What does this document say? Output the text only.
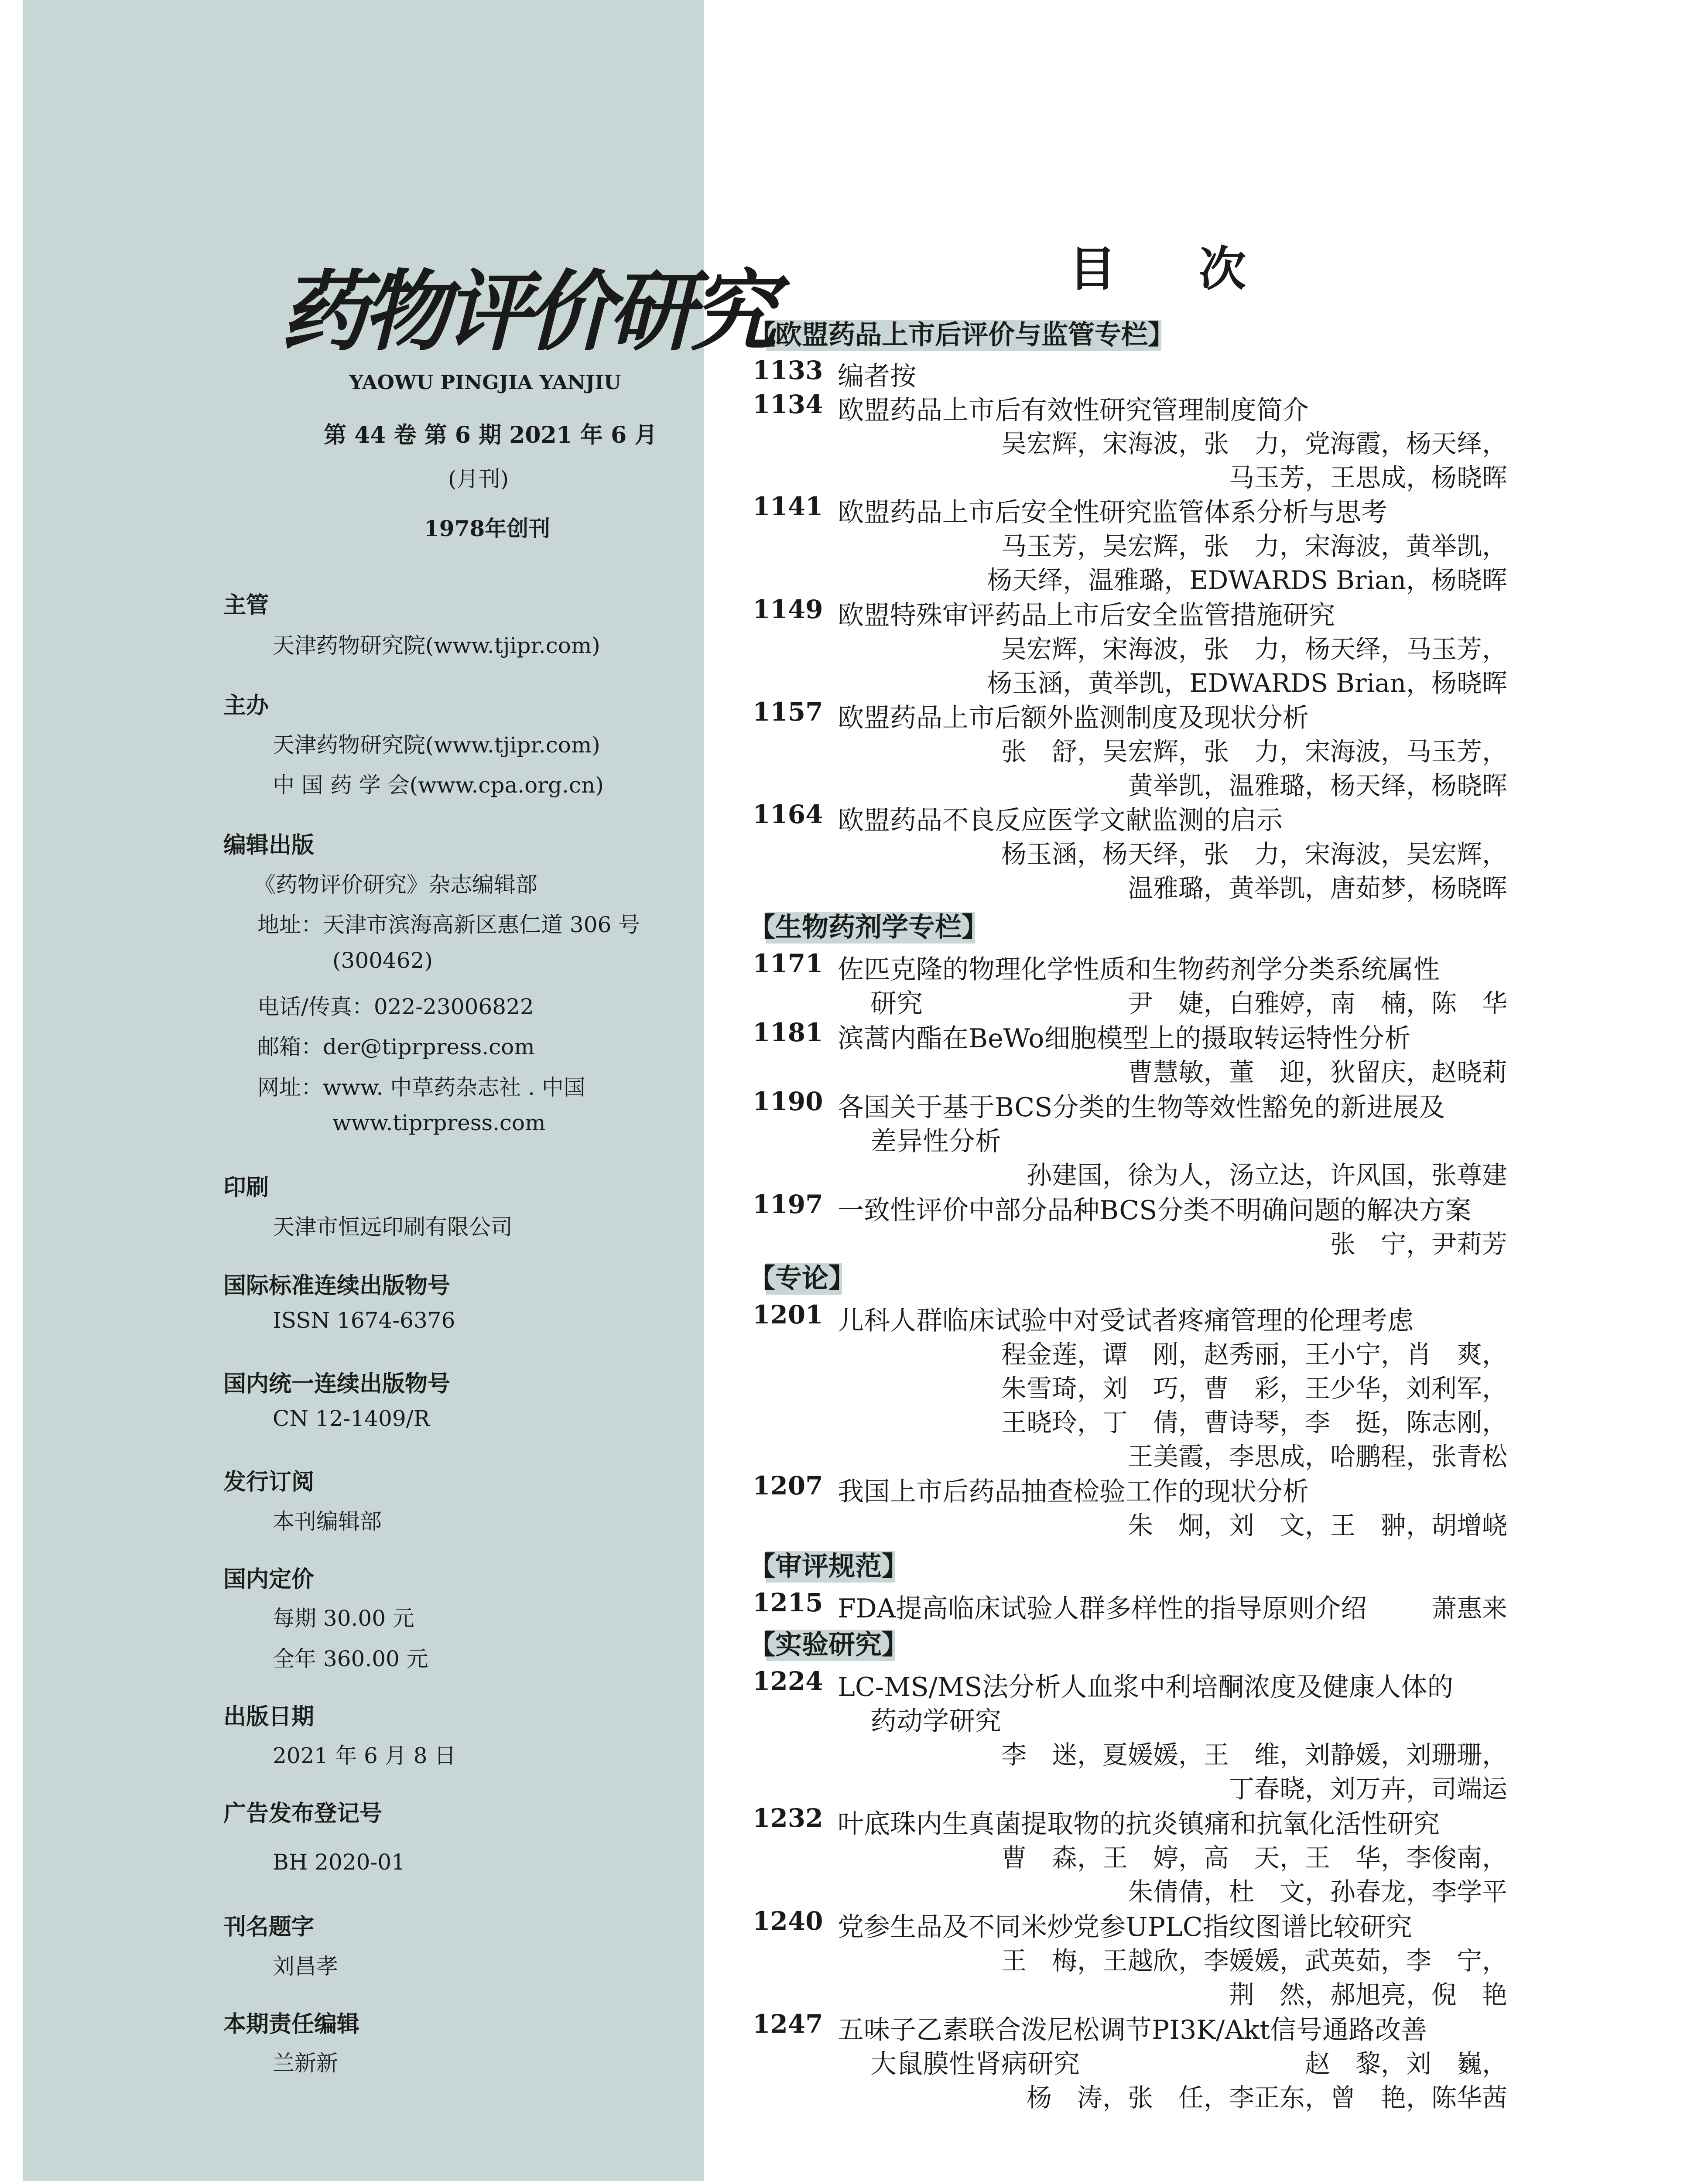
药物评价研究
YAOWU PINGJIA YANJIU
第 44 卷 第 6 期 2021 年 6 月
(月刊)
1978年创刊
主管
天津药物研究院(www.tjipr.com)
主办
天津药物研究院(www.tjipr.com)
中 国 药 学 会(www.cpa.org.cn)
编辑出版
《药物评价研究》杂志编辑部
地址：天津市滨海高新区惠仁道 306 号
(300462)
电话/传真：022-23006822
邮箱：der@tiprpress.com
网址：www. 中草药杂志社 . 中国
www.tiprpress.com
印刷
天津市恒远印刷有限公司
国际标准连续出版物号
ISSN 1674-6376
国内统一连续出版物号
CN 12-1409/R
发行订阅
本刊编辑部
国内定价
每期 30.00 元
全年 360.00 元
出版日期
2021 年 6 月 8 日
广告发布登记号
BH 2020-01
刊名题字
刘昌孝
本期责任编辑
兰新新
目次
【欧盟药品上市后评价与监管专栏】
【生物药剂学专栏】
【专论】
【审评规范】
【实验研究】
1133 编者按
1134 欧盟药品上市后有效性研究管理制度简介
吴宏辉，宋海波，张　力，党海霞，杨天绎，
马玉芳，王思成，杨晓晖
1141 欧盟药品上市后安全性研究监管体系分析与思考
马玉芳，吴宏辉，张　力，宋海波，黄举凯，
杨天绎，温雅璐，EDWARDS Brian，杨晓晖
1149 欧盟特殊审评药品上市后安全监管措施研究
吴宏辉，宋海波，张　力，杨天绎，马玉芳，
杨玉涵，黄举凯，EDWARDS Brian，杨晓晖
1157 欧盟药品上市后额外监测制度及现状分析
张　舒，吴宏辉，张　力，宋海波，马玉芳，
黄举凯，温雅璐，杨天绎，杨晓晖
1164 欧盟药品不良反应医学文献监测的启示
杨玉涵，杨天绎，张　力，宋海波，吴宏辉，
温雅璐，黄举凯，唐茹梦，杨晓晖
1171 佐匹克隆的物理化学性质和生物药剂学分类系统属性
研究	尹　婕，白雅婷，南　楠，陈　华
1181 滨蒿内酯在BeWo细胞模型上的摄取转运特性分析
曹慧敏，董　迎，狄留庆，赵晓莉
1190 各国关于基于BCS分类的生物等效性豁免的新进展及
差异性分析
孙建国，徐为人，汤立达，许风国，张尊建
1197 一致性评价中部分品种BCS分类不明确问题的解决方案
张　宁，尹莉芳
1201 儿科人群临床试验中对受试者疼痛管理的伦理考虑
程金莲，谭　刚，赵秀丽，王小宁，肖　爽，
朱雪琦，刘　巧，曹　彩，王少华，刘利军，
王晓玲，丁　倩，曹诗琴，李　挺，陈志刚，
王美霞，李思成，哈鹏程，张青松
1207 我国上市后药品抽查检验工作的现状分析
朱　炯，刘　文，王　翀，胡增峣
1215 FDA提高临床试验人群多样性的指导原则介绍	萧惠来
1224 LC-MS/MS法分析人血浆中利培酮浓度及健康人体的
药动学研究
李　迷，夏媛媛，王　维，刘静媛，刘珊珊，
丁春晓，刘万卉，司端运
1232 叶底珠内生真菌提取物的抗炎镇痛和抗氧化活性研究
曹　森，王　婷，高　天，王　华，李俊南，
朱倩倩，杜　文，孙春龙，李学平
1240 党参生品及不同米炒党参UPLC指纹图谱比较研究
王　梅，王越欣，李媛媛，武英茹，李　宁，
荆　然，郝旭亮，倪　艳
1247 五味子乙素联合泼尼松调节PI3K/Akt信号通路改善
大鼠膜性肾病研究	赵　黎，刘　巍，
杨　涛，张　任，李正东，曾　艳，陈华茜
